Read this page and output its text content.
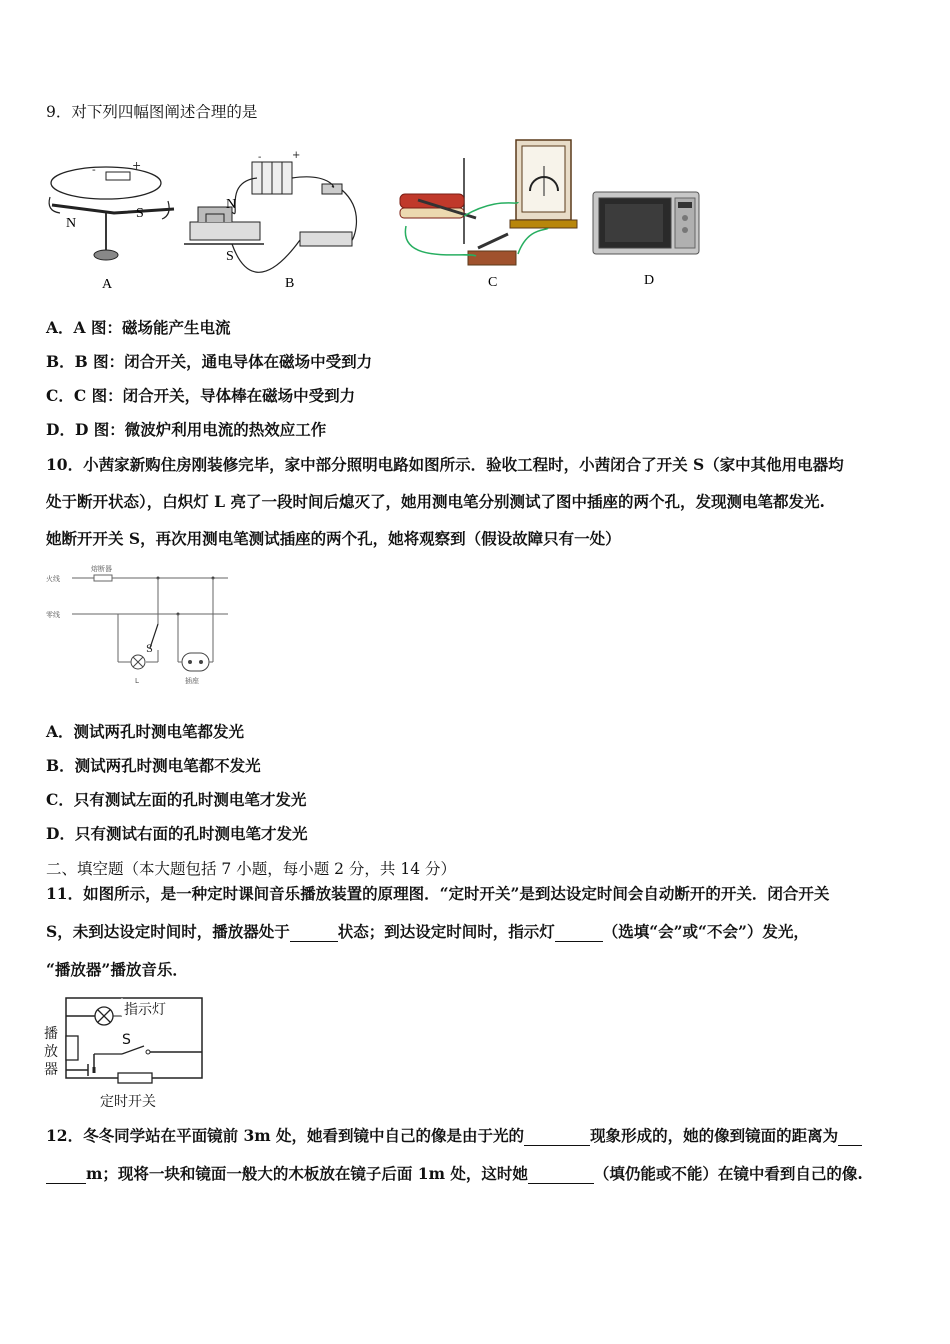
9．对下列四幅图阐述合理的是
-	+
N
S
A
-	+
N
S
B	C	D
A．A 图：磁场能产生电流
B．B 图：闭合开关，通电导体在磁场中受到力
C．C 图：闭合开关，导体棒在磁场中受到力
D．D 图：微波炉利用电流的热效应工作
10．小茜家新购住房刚装修完毕，家中部分照明电路如图所示．验收工程时，小茜闭合了开关 S（家中其他用电器均
处于断开状态），白炽灯 L 亮了一段时间后熄灭了，她用测电笔分别测试了图中插座的两个孔，发现测电笔都发光.
她断开开关 S，再次用测电笔测试插座的两个孔，她将观察到（假设故障只有一处）
火线
熔断器
零线
S
L	插座
A．测试两孔时测电笔都发光
B．测试两孔时测电笔都不发光
C．只有测试左面的孔时测电笔才发光
D．只有测试右面的孔时测电笔才发光
二、填空题（本大题包括 7 小题，每小题 2 分，共 14 分）
11．如图所示，是一种定时课间音乐播放装置的原理图．“定时开关”是到达设定时间会自动断开的开关．闭合开关
S，未到达设定时间时，播放器处于	状态；到达设定时间时，指示灯	（选填“会”或“不会”）发光，
“播放器”播放音乐．
指示灯
S
播
放
器
定时开关
12．冬冬同学站在平面镜前 3m 处，她看到镜中自己的像是由于光的	现象形成的，她的像到镜面的距离为
m；现将一块和镜面一般大的木板放在镜子后面 1m 处，这时她	（填仍能或不能）在镜中看到自己的像.
